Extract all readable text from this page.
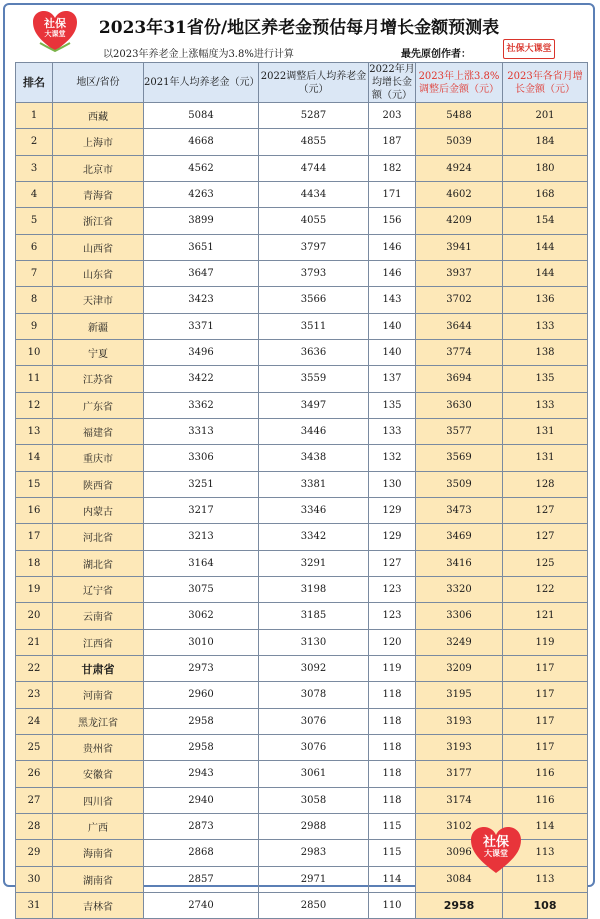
社保
大课堂	2023年31省份/地区养老金预估每月增长金额预测表
以2023年养老金上涨幅度为3.8%进行计算	最先原创作者：	社保大课堂
排名	地区/省份	2021年人均养老金（元）	2022调整后人均养老金（元）	2022年月均增长金额（元）	2023年上涨3.8%调整后金额（元）	2023年各省月增长金额（元）
1	西藏	5084	5287	203	5488	201
2	上海市	4668	4855	187	5039	184
3	北京市	4562	4744	182	4924	180
4	青海省	4263	4434	171	4602	168
5	浙江省	3899	4055	156	4209	154
6	山西省	3651	3797	146	3941	144
7	山东省	3647	3793	146	3937	144
8	天津市	3423	3566	143	3702	136
9	新疆	3371	3511	140	3644	133
10	宁夏	3496	3636	140	3774	138
11	江苏省	3422	3559	137	3694	135
12	广东省	3362	3497	135	3630	133
13	福建省	3313	3446	133	3577	131
14	重庆市	3306	3438	132	3569	131
15	陕西省	3251	3381	130	3509	128
16	内蒙古	3217	3346	129	3473	127
17	河北省	3213	3342	129	3469	127
18	湖北省	3164	3291	127	3416	125
19	辽宁省	3075	3198	123	3320	122
20	云南省	3062	3185	123	3306	121
21	江西省	3010	3130	120	3249	119
22	甘肃省	2973	3092	119	3209	117
23	河南省	2960	3078	118	3195	117
24	黑龙江省	2958	3076	118	3193	117
25	贵州省	2958	3076	118	3193	117
26	安徽省	2943	3061	118	3177	116
27	四川省	2940	3058	118	3174	116
28	广西	2873	2988	115	3102	114
29	海南省	2868	2983	115	3096	113
30	湖南省	2857	2971	114	3084	113
31	吉林省	2740	2850	110	2958	108
社保
大课堂
